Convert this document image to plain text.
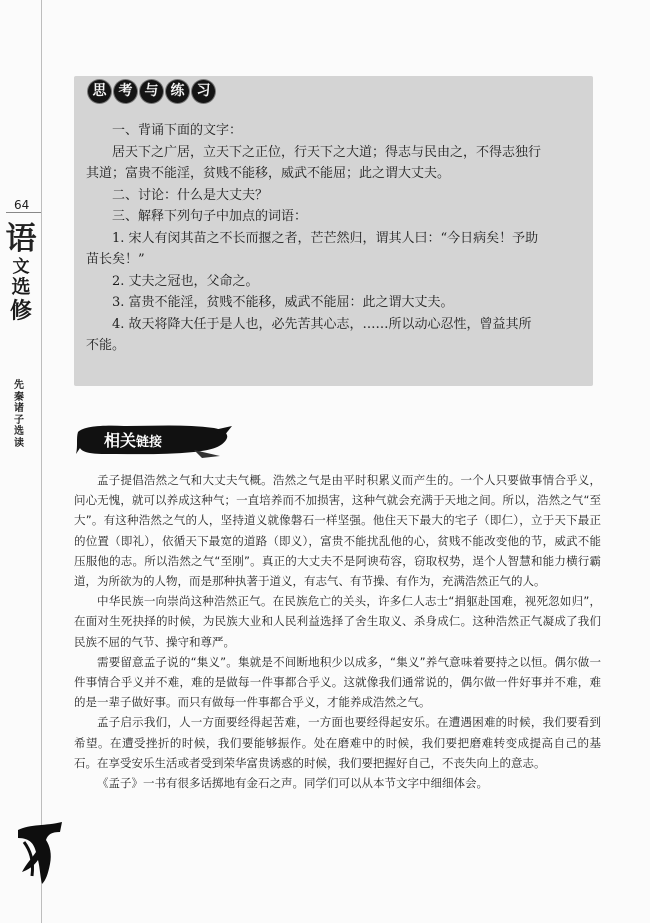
64
语
文
选
修
先秦诸子选读
思 考 与 练 习

一、背诵下面的文字：

居天下之广居，立天下之正位，行天下之大道；得志与民由之，不得志独行

其道；富贵不能淫，贫贱不能移，威武不能屈；此之谓大丈夫。

二、讨论：什么是大丈夫？

三、解释下列句子中加点的词语：

1. 宋人有闵其苗之不长而揠之者，芒芒然归，谓其人曰：“今日病矣！予助

苗长矣！”

2. 丈夫之冠也，父命之。

3. 富贵不能淫，贫贱不能移，威武不能屈：此之谓大丈夫。

4. 故天将降大任于是人也，必先苦其心志，……所以动心忍性，曾益其所

不能。

相关链接

孟子提倡浩然之气和大丈夫气概。浩然之气是由平时积累义而产生的。一个人只要做事情合乎义，问心无愧，就可以养成这种气；一直培养而不加损害，这种气就会充满于天地之间。所以，浩然之气“至大”。有这种浩然之气的人，坚持道义就像磐石一样坚强。他住天下最大的宅子（即仁），立于天下最正的位置（即礼），依循天下最宽的道路（即义），富贵不能扰乱他的心，贫贱不能改变他的节，威武不能压服他的志。所以浩然之气“至刚”。真正的大丈夫不是阿谀苟容，窃取权势，逞个人智慧和能力横行霸道，为所欲为的人物，而是那种执著于道义，有志气、有节操、有作为，充满浩然正气的人。

中华民族一向崇尚这种浩然正气。在民族危亡的关头，许多仁人志士“捐躯赴国难，视死忽如归”，在面对生死抉择的时候，为民族大业和人民利益选择了舍生取义、杀身成仁。这种浩然正气凝成了我们民族不屈的气节、操守和尊严。

需要留意孟子说的“集义”。集就是不间断地积少以成多，“集义”养气意味着要持之以恒。偶尔做一件事情合乎义并不难，难的是做每一件事都合乎义。这就像我们通常说的，偶尔做一件好事并不难，难的是一辈子做好事。而只有做每一件事都合乎义，才能养成浩然之气。

孟子启示我们，人一方面要经得起苦难，一方面也要经得起安乐。在遭遇困难的时候，我们要看到希望。在遭受挫折的时候，我们要能够振作。处在磨难中的时候，我们要把磨难转变成提高自己的基石。在享受安乐生活或者受到荣华富贵诱惑的时候，我们要把握好自己，不丧失向上的意志。

《孟子》一书有很多话掷地有金石之声。同学们可以从本节文字中细细体会。
